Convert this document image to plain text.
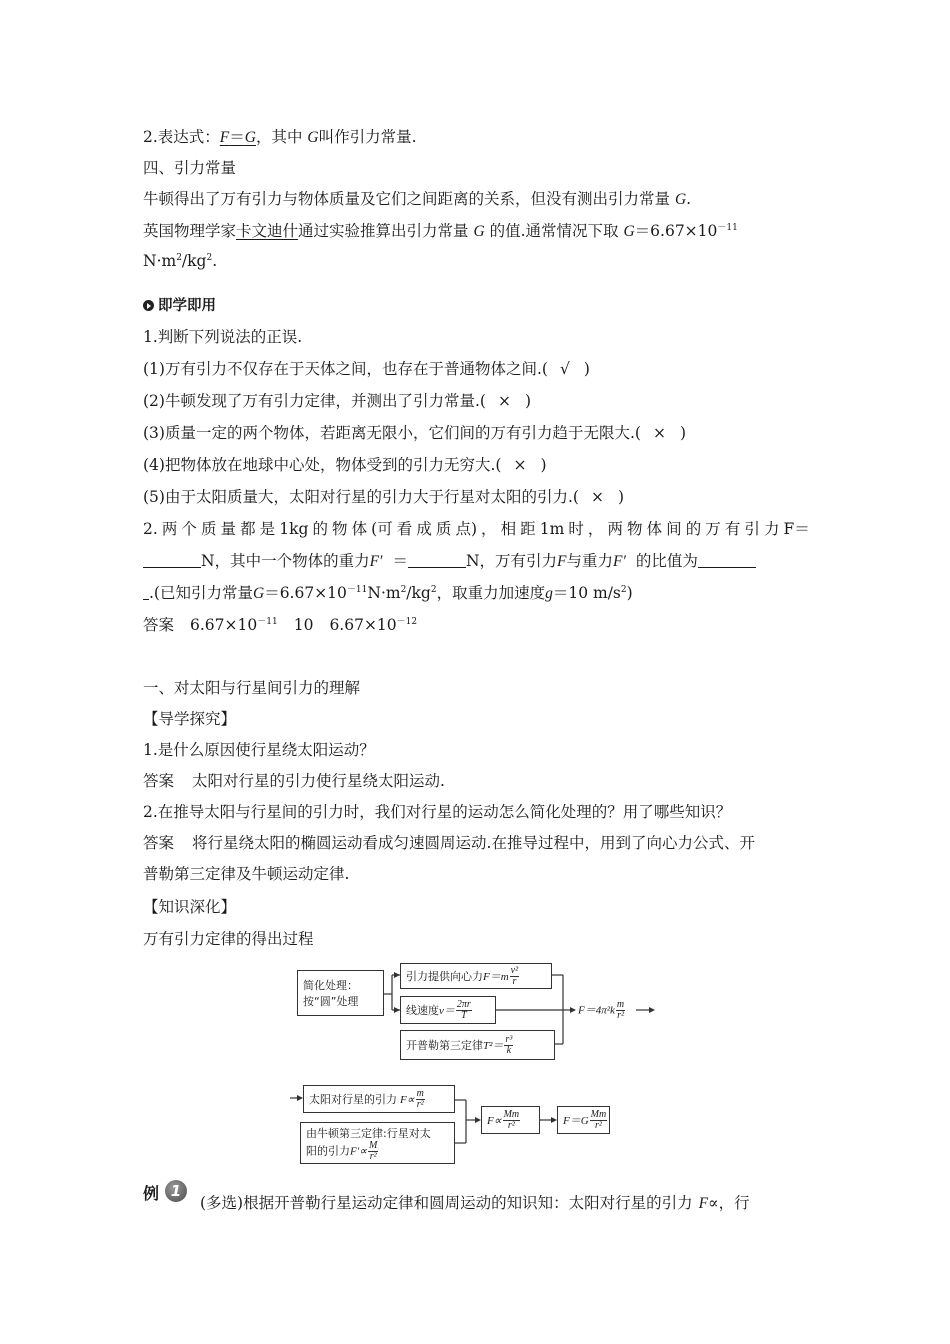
2.表达式：F＝G，其中 G叫作引力常量.
四、引力常量
牛顿得出了万有引力与物体质量及它们之间距离的关系，但没有测出引力常量 G.
英国物理学家卡文迪什通过实验推算出引力常量 G 的值.通常情况下取 $G=6.67\times 10^{-11}$
$N\cdot m^2/kg^2$.
即学即用
1.判断下列说法的正误.
(1)万有引力不仅存在于天体之间，也存在于普通物体之间.( √ )
(2)牛顿发现了万有引力定律，并测出了引力常量.( × )
(3)质量一定的两个物体，若距离无限小，它们间的万有引力趋于无限大.( × )
(4)把物体放在地球中心处，物体受到的引力无穷大.( × )
(5)由于太阳质量大，太阳对行星的引力大于行星对太阳的引力.( × )
2. 两 个 质 量 都 是 1kg 的 物 体 (可 看 成 质 点) ， 相 距 1m 时 ， 两 物 体 间 的 万 有 引 力 F＝
N，其中一个物体的重力F′ ＝	N，万有引力F与重力F′ 的比值为
.(已知引力常量$G=6.67\times 10^{-11}N\cdot m^2/kg^2$，取重力加速度g＝10 $m/s^2$)
答案 $6.67\times 10^{-11}$ 10 $6.67\times 10^{-12}$
一、对太阳与行星间引力的理解
【导学探究】
1.是什么原因使行星绕太阳运动？
答案 太阳对行星的引力使行星绕太阳运动.
2.在推导太阳与行星间的引力时，我们对行星的运动怎么简化处理的？用了哪些知识？
答案 将行星绕太阳的椭圆运动看成匀速圆周运动.在推导过程中，用到了向心力公式、开
普勒第三定律及牛顿运动定律.
【知识深化】
万有引力定律的得出过程
简化处理：
按“圆”处理
引力提供向心力 $F=m \frac{\text{v²}}{r}$
线速度 $v= \frac{2\pi r}{T}$
开普勒第三定律 $T^2= \frac{\text{r³}}{k}$
$F=4\pi^2k \frac{m}{\text{r²}}$
太阳对行星的引力 $F\propto \frac{m}{\text{r²}}$
由牛顿第三定律:行星对太
阳的引力$F'\propto \frac{M}{\text{r²}}$
$F\propto \frac{Mm}{\text{r²}}$	$F=G \frac{Mm}{\text{r²}}$
例 1
(多选)根据开普勒行星运动定律和圆周运动的知识知：太阳对行星的引力 F∝，行
